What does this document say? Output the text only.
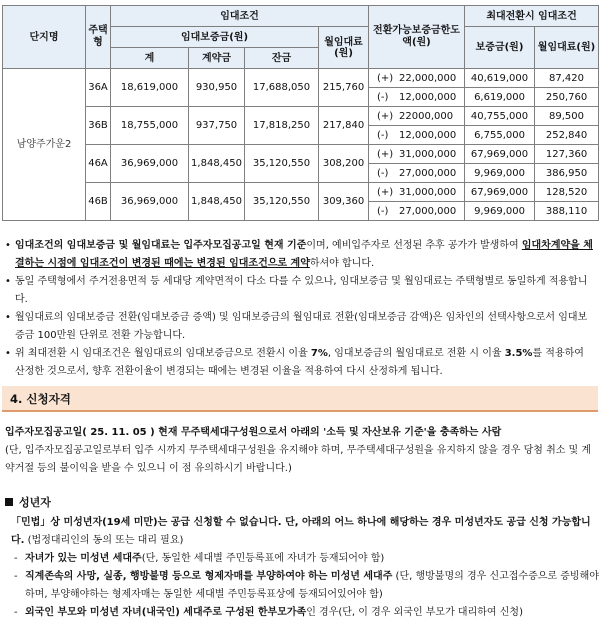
단지명	주택형	임대조건				전환가능보증금한도액(원)	최대전환시 임대조건	
		임대보증금(원)			월임대료(원)		보증금(원)	월임대료(원)
		계	계약금	잔금				
남양주가운2	36A	18,619,000	930,950	17,688,050	215,760	(+) 22,000,000	40,619,000	87,420
						(-) 12,000,000	6,619,000	250,760
	36B	18,755,000	937,750	17,818,250	217,840	(+) 22000,000	40,755,000	89,500
						(-) 12,000,000	6,755,000	252,840
	46A	36,969,000	1,848,450	35,120,550	308,200	(+) 31,000,000	67,969,000	127,360
						(-) 27,000,000	9,969,000	386,950
	46B	36,969,000	1,848,450	35,120,550	309,360	(+) 31,000,000	67,969,000	128,520
						(-) 27,000,000	9,969,000	388,110

• 임대조건의 임대보증금 및 월임대료는 입주자모집공고일 현재 기준이며, 예비입주자로 선정된 추후 공가가 발생하여 임대차계약을 체결하는 시점에 임대조건이 변경된 때에는 변경된 임대조건으로 계약하셔야 합니다.

• 동일 주택형에서 주거전용면적 등 세대당 계약면적이 다소 다를 수 있으나, 임대보증금 및 월임대료는 주택형별로 동일하게 적용합니다.

• 월임대료의 임대보증금 전환(임대보증금 증액) 및 임대보증금의 월임대료 전환(임대보증금 감액)은 임차인의 선택사항으로서 임대보증금 100만원 단위로 전환 가능합니다.

• 위 최대전환 시 임대조건은 월임대료의 임대보증금으로 전환시 이율 7%, 임대보증금의 월임대료로 전환 시 이율 3.5%를 적용하여 산정한 것으로서, 향후 전환이율이 변경되는 때에는 변경된 이율을 적용하여 다시 산정하게 됩니다.

4. 신청자격

입주자모집공고일( 25. 11. 05 ) 현재 무주택세대구성원으로서 아래의 '소득 및 자산보유 기준'을 충족하는 사람

(단, 입주자모집공고일로부터 입주 시까지 무주택세대구성원을 유지해야 하며, 무주택세대구성원을 유지하지 않을 경우 당첨 취소 및 계약거절 등의 불이익을 받을 수 있으니 이 점 유의하시기 바랍니다.)

성년자

「민법」상 미성년자(19세 미만)는 공급 신청할 수 없습니다. 단, 아래의 어느 하나에 해당하는 경우 미성년자도 공급 신청 가능합니다. (법정대리인의 동의 또는 대리 필요)

- 자녀가 있는 미성년 세대주(단, 동일한 세대별 주민등록표에 자녀가 등재되어야 함)

- 직계존속의 사망, 실종, 행방불명 등으로 형제자매를 부양하여야 하는 미성년 세대주 (단, 행방불명의 경우 신고접수증으로 증빙해야하며, 부양해야하는 형제자매는 동일한 세대별 주민등록표상에 등재되어있어야 함)

- 외국인 부모와 미성년 자녀(내국인) 세대주로 구성된 한부모가족인 경우(단, 이 경우 외국인 부모가 대리하여 신청)
